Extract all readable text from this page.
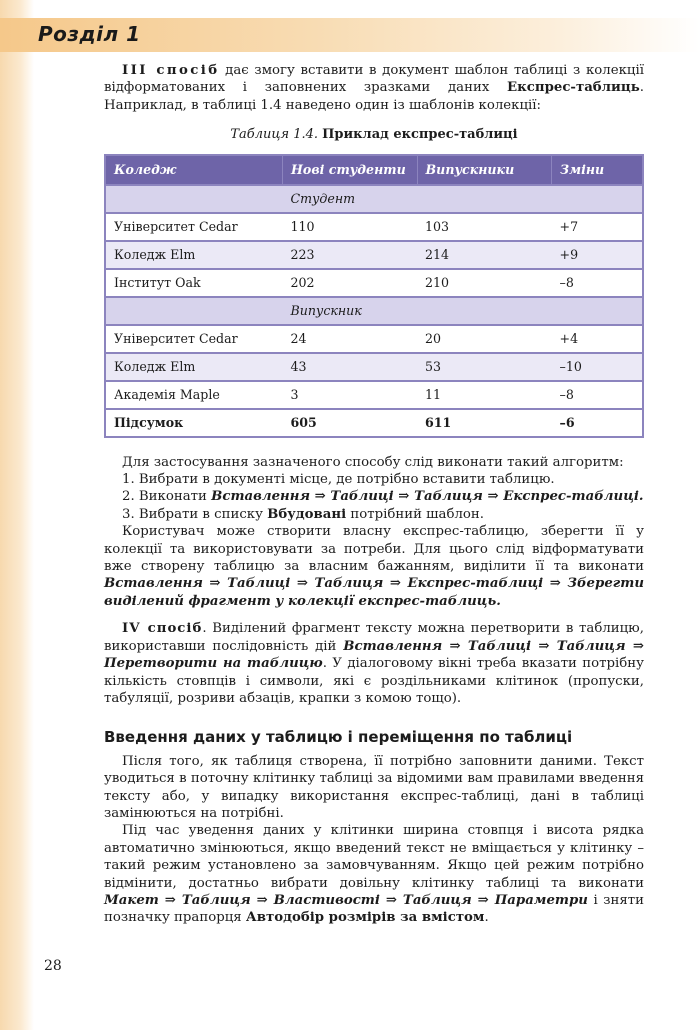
Розділ 1

III спосіб дає змогу вставити в документ шаблон таблиці з колекції відформатованих і заповнених зразками даних Експрес-таблиць. Наприклад, в таблиці 1.4 наведено один із шаблонів колекції:

Таблиця 1.4. Приклад експрес-таблиці
Коледж	Нові студенти	Випускники	Зміни
	Студент		
Університет Cedar	110	103	+7
Коледж Elm	223	214	+9
Інститут Oak	202	210	–8
	Випускник		
Університет Cedar	24	20	+4
Коледж Elm	43	53	–10
Академія Maple	3	11	–8
Підсумок	605	611	–6

Для застосування зазначеного способу слід виконати такий алгоритм:

1. Вибрати в документі місце, де потрібно вставити таблицю.

2. Виконати Вставлення ⇒ Таблиці ⇒ Таблиця ⇒ Експрес-таблиці.

3. Вибрати в списку Вбудовані потрібний шаблон.

Користувач може створити власну експрес-таблицю, зберегти її у колекції та використовувати за потреби. Для цього слід відформатувати вже створену таблицю за власним бажанням, виділити її та виконати Вставлення ⇒ Таблиці ⇒ Таблиця ⇒ Експрес-таблиці ⇒ Зберегти виділений фрагмент у колекції експрес-таблиць.

IV спосіб. Виділений фрагмент тексту можна перетворити в таблицю, використавши послідовність дій Вставлення ⇒ Таблиці ⇒ Таблиця ⇒ Перетворити на таблицю. У діалоговому вікні треба вказати потрібну кількість стовпців і символи, які є роздільниками клітинок (пропуски, табуляції, розриви абзаців, крапки з комою тощо).

Введення даних у таблицю і переміщення по таблиці

Після того, як таблиця створена, її потрібно заповнити даними. Текст уводиться в поточну клітинку таблиці за відомими вам правилами введення тексту або, у випадку використання експрес-таблиці, дані в таблиці замінюються на потрібні.

Під час уведення даних у клітинки ширина стовпця і висота рядка автоматично змінюються, якщо введений текст не вміщається у клітинку – такий режим установлено за замовчуванням. Якщо цей режим потрібно відмінити, достатньо вибрати довільну клітинку таблиці та виконати Макет ⇒ Таблиця ⇒ Властивості ⇒ Таблиця ⇒ Параметри і зняти позначку прапорця Автодобір розмірів за вмістом.

28
